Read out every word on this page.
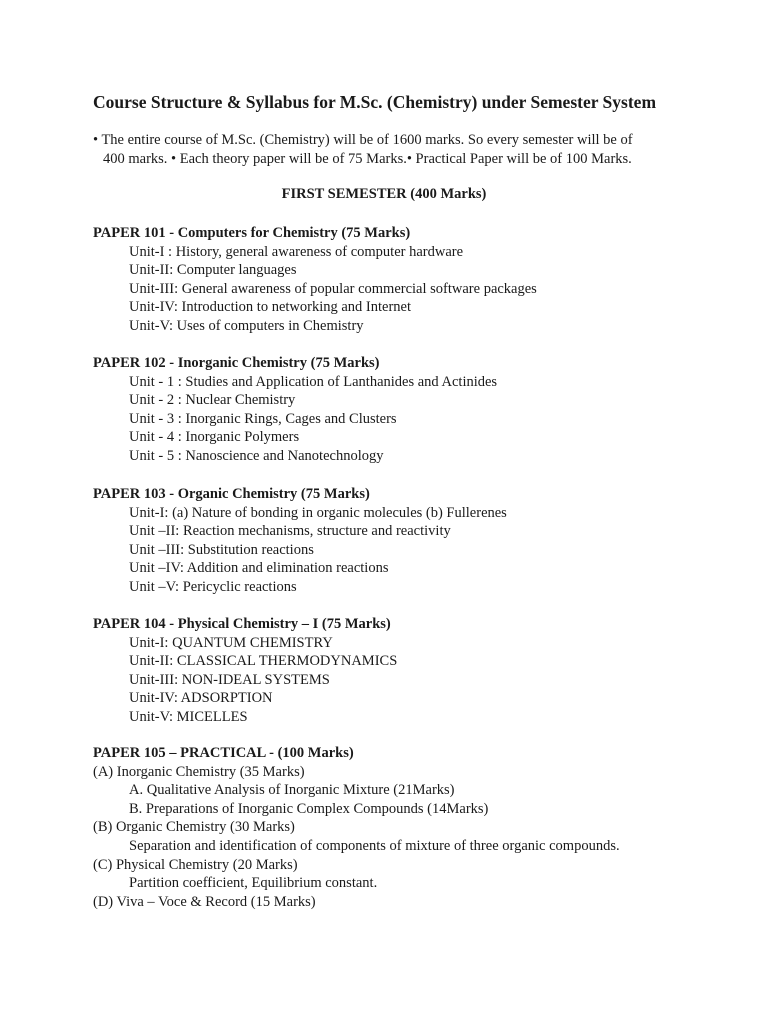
Course Structure & Syllabus for M.Sc. (Chemistry) under Semester System

• The entire course of M.Sc. (Chemistry) will be of 1600 marks. So every semester will be of
400 marks. • Each theory paper will be of 75 Marks.• Practical Paper will be of 100 Marks.

FIRST SEMESTER (400 Marks)

PAPER 101 - Computers for Chemistry (75 Marks)

Unit-I : History, general awareness of computer hardware

Unit-II: Computer languages

Unit-III: General awareness of popular commercial software packages

Unit-IV: Introduction to networking and Internet

Unit-V: Uses of computers in Chemistry

PAPER 102 - Inorganic Chemistry (75 Marks)

Unit - 1 : Studies and Application of Lanthanides and Actinides

Unit - 2 : Nuclear Chemistry

Unit - 3 : Inorganic Rings, Cages and Clusters

Unit - 4 : Inorganic Polymers

Unit - 5 : Nanoscience and Nanotechnology

PAPER 103 - Organic Chemistry (75 Marks)

Unit-I: (a) Nature of bonding in organic molecules (b) Fullerenes

Unit –II: Reaction mechanisms, structure and reactivity

Unit –III: Substitution reactions

Unit –IV: Addition and elimination reactions

Unit –V: Pericyclic reactions

PAPER 104 - Physical Chemistry – I (75 Marks)

Unit-I: QUANTUM CHEMISTRY

Unit-II: CLASSICAL THERMODYNAMICS

Unit-III: NON-IDEAL SYSTEMS

Unit-IV: ADSORPTION

Unit-V: MICELLES

PAPER 105 – PRACTICAL - (100 Marks)

(A) Inorganic Chemistry (35 Marks)

A. Qualitative Analysis of Inorganic Mixture (21Marks)

B. Preparations of Inorganic Complex Compounds (14Marks)

(B) Organic Chemistry (30 Marks)

Separation and identification of components of mixture of three organic compounds.

(C) Physical Chemistry (20 Marks)

Partition coefficient, Equilibrium constant.

(D) Viva – Voce & Record (15 Marks)
